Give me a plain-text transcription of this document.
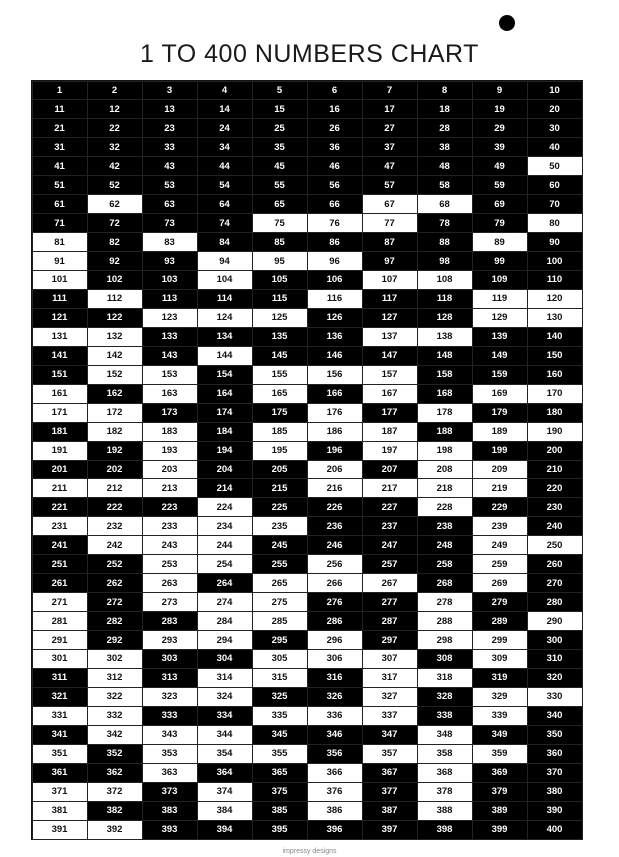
1 TO 400 NUMBERS CHART
1	2	3	4	5	6	7	8	9	10
11	12	13	14	15	16	17	18	19	20
21	22	23	24	25	26	27	28	29	30
31	32	33	34	35	36	37	38	39	40
41	42	43	44	45	46	47	48	49	50
51	52	53	54	55	56	57	58	59	60
61	62	63	64	65	66	67	68	69	70
71	72	73	74	75	76	77	78	79	80
81	82	83	84	85	86	87	88	89	90
91	92	93	94	95	96	97	98	99	100
101	102	103	104	105	106	107	108	109	110
111	112	113	114	115	116	117	118	119	120
121	122	123	124	125	126	127	128	129	130
131	132	133	134	135	136	137	138	139	140
141	142	143	144	145	146	147	148	149	150
151	152	153	154	155	156	157	158	159	160
161	162	163	164	165	166	167	168	169	170
171	172	173	174	175	176	177	178	179	180
181	182	183	184	185	186	187	188	189	190
191	192	193	194	195	196	197	198	199	200
201	202	203	204	205	206	207	208	209	210
211	212	213	214	215	216	217	218	219	220
221	222	223	224	225	226	227	228	229	230
231	232	233	234	235	236	237	238	239	240
241	242	243	244	245	246	247	248	249	250
251	252	253	254	255	256	257	258	259	260
261	262	263	264	265	266	267	268	269	270
271	272	273	274	275	276	277	278	279	280
281	282	283	284	285	286	287	288	289	290
291	292	293	294	295	296	297	298	299	300
301	302	303	304	305	306	307	308	309	310
311	312	313	314	315	316	317	318	319	320
321	322	323	324	325	326	327	328	329	330
331	332	333	334	335	336	337	338	339	340
341	342	343	344	345	346	347	348	349	350
351	352	353	354	355	356	357	358	359	360
361	362	363	364	365	366	367	368	369	370
371	372	373	374	375	376	377	378	379	380
381	382	383	384	385	386	387	388	389	390
391	392	393	394	395	396	397	398	399	400
impressy designs
